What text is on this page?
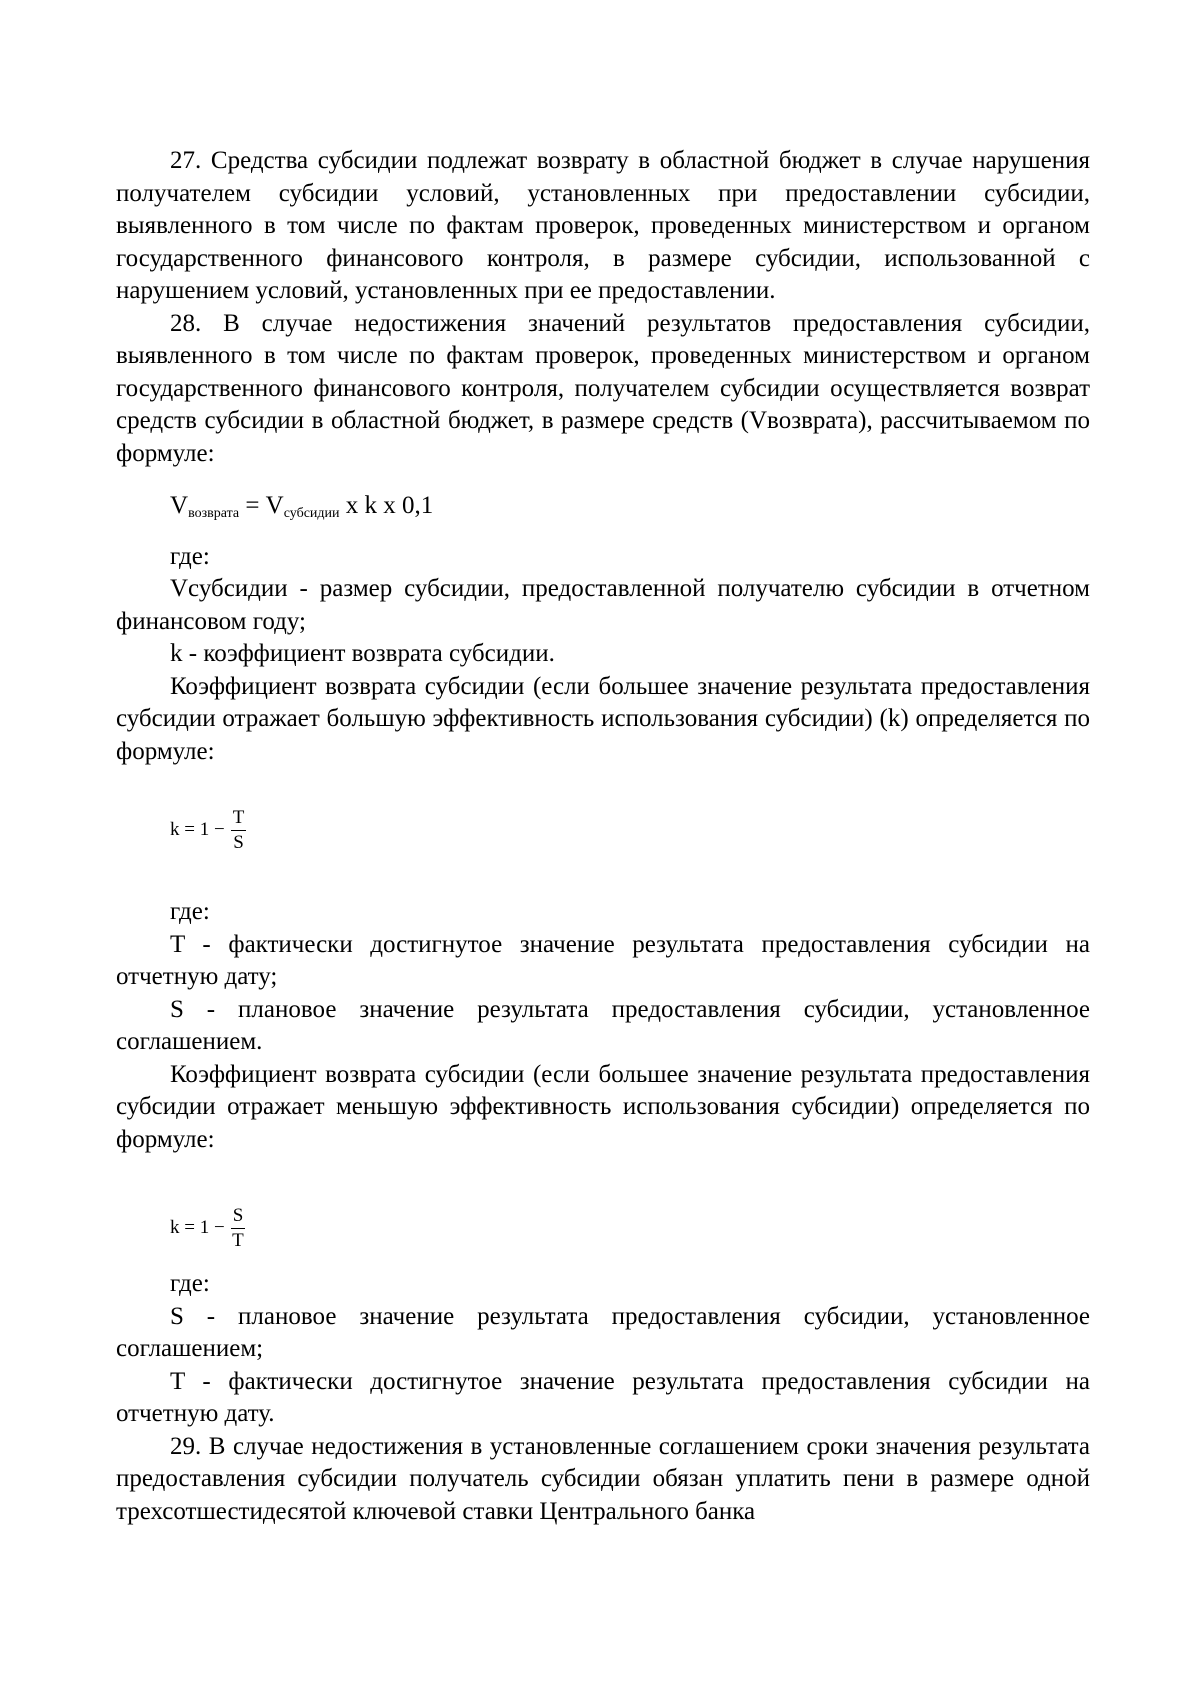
27. Средства субсидии подлежат возврату в областной бюджет в случае нарушения получателем субсидии условий, установленных при предоставлении субсидии, выявленного в том числе по фактам проверок, проведенных министерством и органом государственного финансового контроля, в размере субсидии, использованной с нарушением условий, установленных при ее предоставлении.

28. В случае недостижения значений результатов предоставления субсидии, выявленного в том числе по фактам проверок, проведенных министерством и органом государственного финансового контроля, получателем субсидии осуществляется возврат средств субсидии в областной бюджет, в размере средств (Vвозврата), рассчитываемом по формуле:

$V_{возврата} = V_{субсидии}$ x k x 0,1

где:

Vсубсидии - размер субсидии, предоставленной получателю субсидии в отчетном финансовом году;

k - коэффициент возврата субсидии.

Коэффициент возврата субсидии (если большее значение результата предоставления субсидии отражает большую эффективность использования субсидии) (k) определяется по формуле:

$k = 1 - \frac{T}{S}$

где:

T - фактически достигнутое значение результата предоставления субсидии на отчетную дату;

S - плановое значение результата предоставления субсидии, установленное соглашением.

Коэффициент возврата субсидии (если большее значение результата предоставления субсидии отражает меньшую эффективность использования субсидии) определяется по формуле:

$k = 1 - \frac{S}{T}$

где:

S - плановое значение результата предоставления субсидии, установленное соглашением;

T - фактически достигнутое значение результата предоставления субсидии на отчетную дату.

29. В случае недостижения в установленные соглашением сроки значения результата предоставления субсидии получатель субсидии обязан уплатить пени в размере одной трехсотшестидесятой ключевой ставки Центрального банка
